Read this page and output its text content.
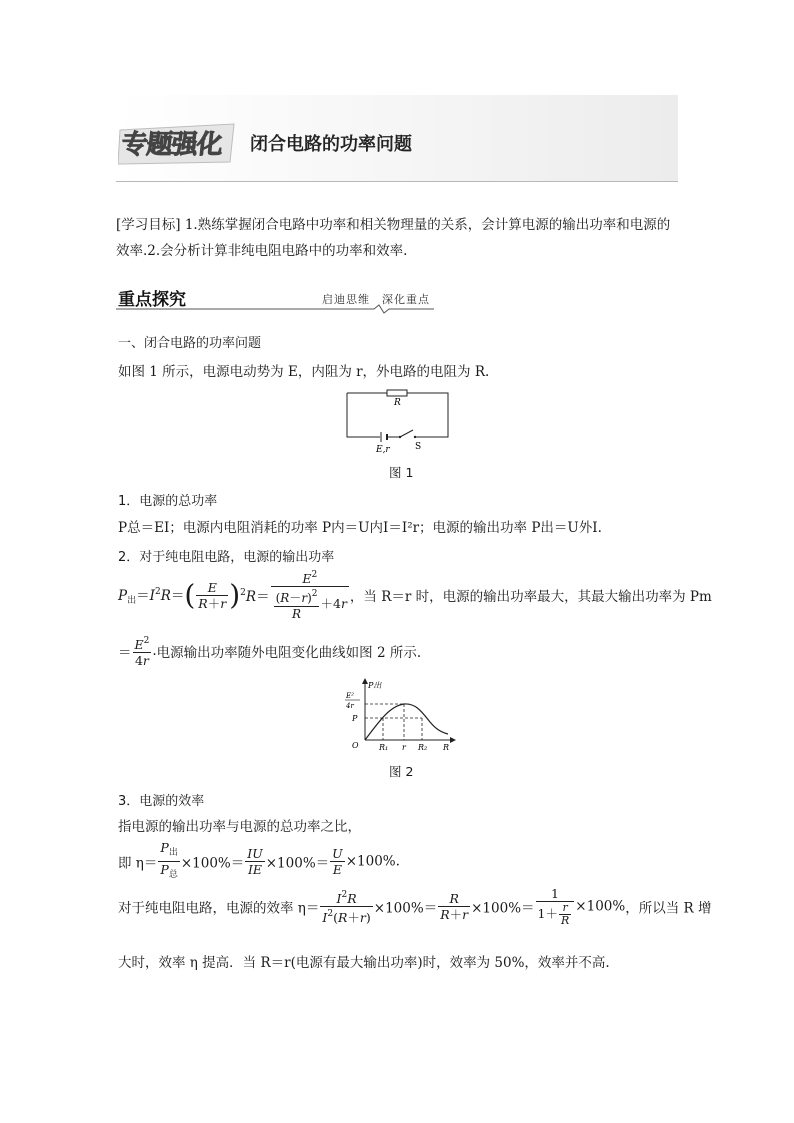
专题强化 闭合电路的功率问题
[学习目标] 1.熟练掌握闭合电路中功率和相关物理量的关系，会计算电源的输出功率和电源的效率.2.会分析计算非纯电阻电路中的功率和效率.
重点探究	启迪思维　深化重点
一、闭合电路的功率问题
如图 1 所示，电源电动势为 E，内阻为 r，外电路的电阻为 R.
R
E,r	S
图 1
1．电源的总功率
P总＝EI；电源内电阻消耗的功率 P内＝U内I＝I²r；电源的输出功率 P出＝U外I.
2．对于纯电阻电路，电源的输出功率
$P_出=I^2R=( \frac{E}{R+r} )^2R= \frac{E^2}{\frac{(R-r)^2}{R} +4r}$ ，当 R＝r 时，电源的输出功率最大，其最大输出功率为 Pm
＝ $\frac{E^2}{4r}$ .电源输出功率随外电阻变化曲线如图 2 所示.
P出
E²
4r
P
O	R₁ r R₂ R
图 2
3．电源的效率
指电源的输出功率与电源的总功率之比，
即 $\eta= \frac{P_出}{P_总} \times 100\%= \frac{IU}{IE} \times 100\%= \frac{U}{E} \times 100\%$.
对于纯电阻电路，电源的效率 $\eta= \frac{I^2R}{I^2(R+r)} \times 100\%= \frac{R}{R+r} \times 100\%= \frac{1}{1+ \frac{r}{R}} \times 100\%$，所以当 R 增
大时，效率 η 提高．当 R＝r(电源有最大输出功率)时，效率为 50%，效率并不高.
